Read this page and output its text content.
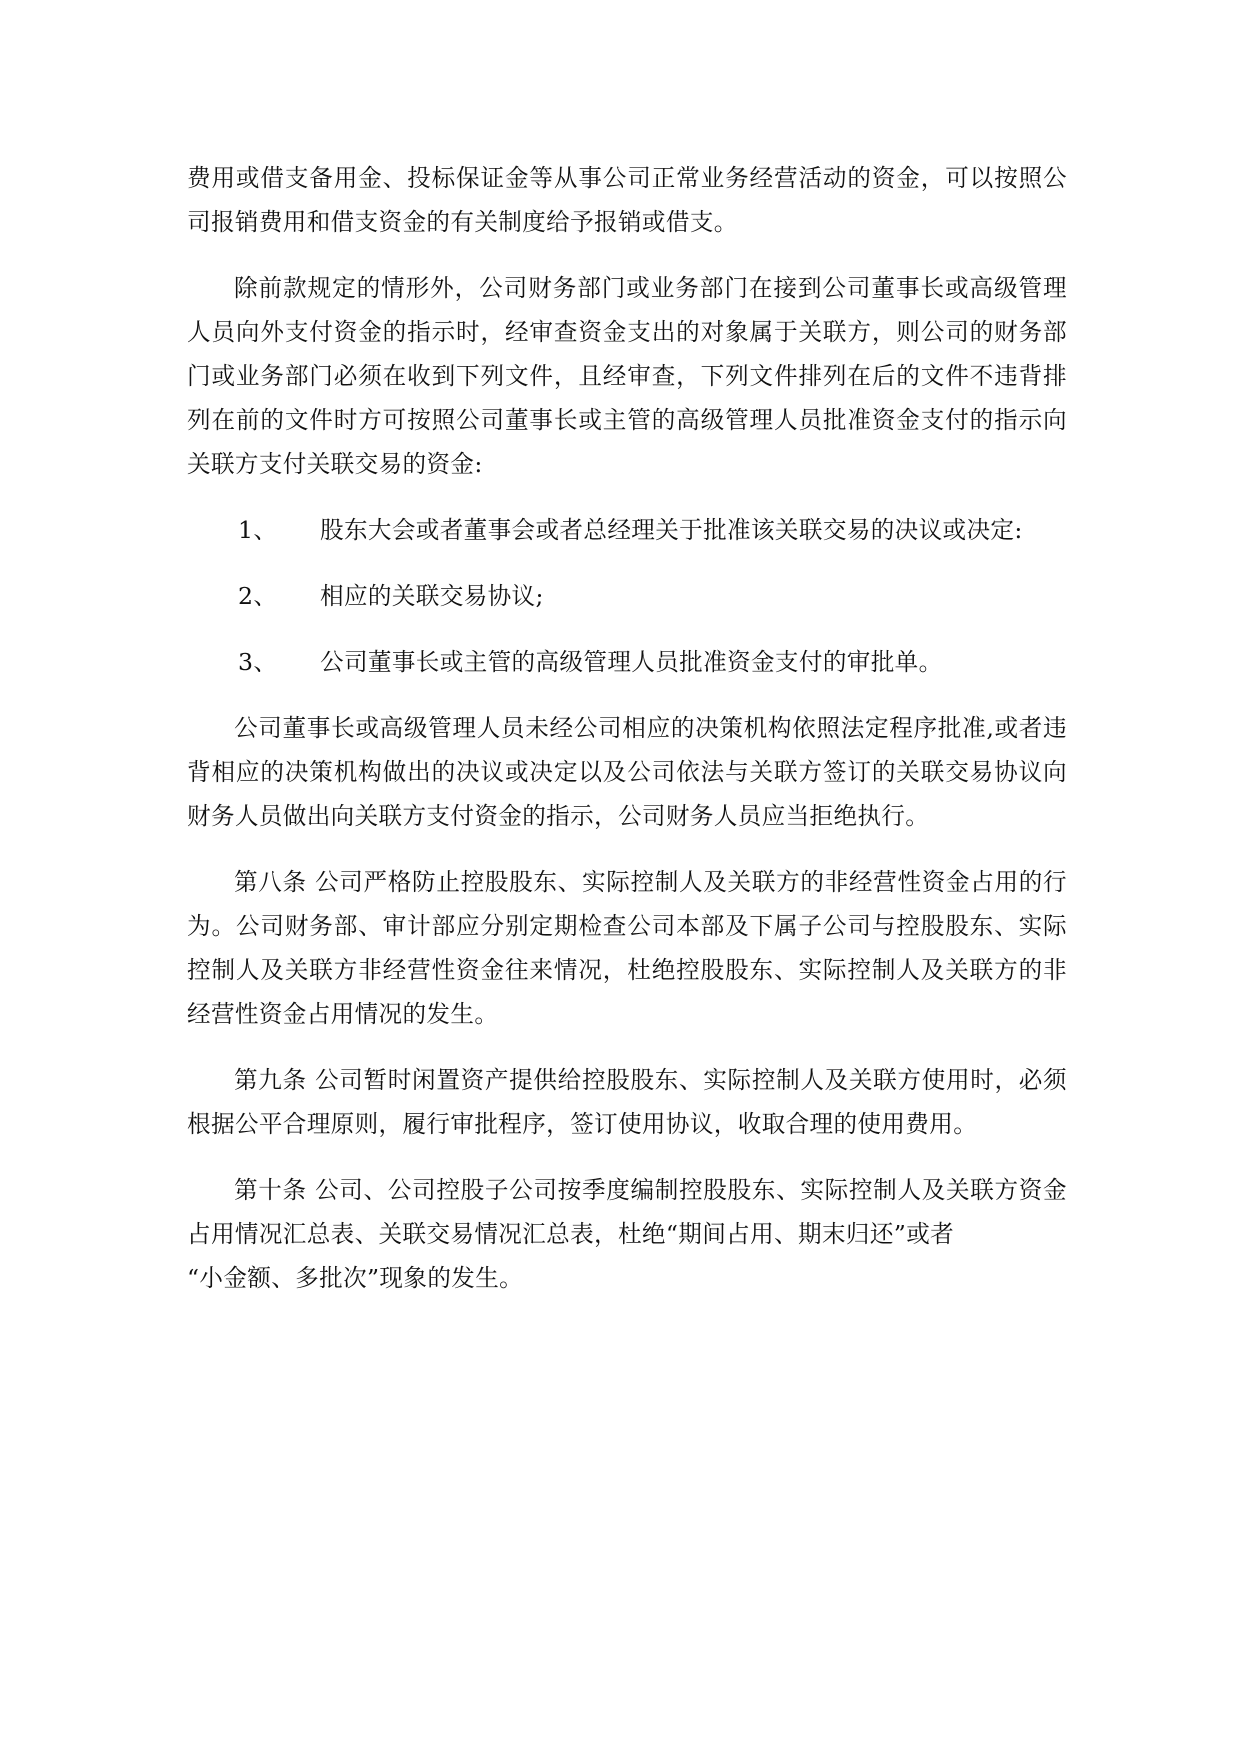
费用或借支备用金、投标保证金等从事公司正常业务经营活动的资金，可以按照公司报销费用和借支资金的有关制度给予报销或借支。

除前款规定的情形外，公司财务部门或业务部门在接到公司董事长或高级管理人员向外支付资金的指示时，经审查资金支出的对象属于关联方，则公司的财务部门或业务部门必须在收到下列文件，且经审查，下列文件排列在后的文件不违背排列在前的文件时方可按照公司董事长或主管的高级管理人员批准资金支付的指示向关联方支付关联交易的资金:

1、 股东大会或者董事会或者总经理关于批准该关联交易的决议或决定:
2、 相应的关联交易协议;
3、 公司董事长或主管的高级管理人员批准资金支付的审批单。

公司董事长或高级管理人员未经公司相应的决策机构依照法定程序批准,或者违背相应的决策机构做出的决议或决定以及公司依法与关联方签订的关联交易协议向财务人员做出向关联方支付资金的指示，公司财务人员应当拒绝执行。

第八条 公司严格防止控股股东、实际控制人及关联方的非经营性资金占用的行为。公司财务部、审计部应分别定期检查公司本部及下属子公司与控股股东、实际控制人及关联方非经营性资金往来情况，杜绝控股股东、实际控制人及关联方的非经营性资金占用情况的发生。

第九条 公司暂时闲置资产提供给控股股东、实际控制人及关联方使用时，必须根据公平合理原则，履行审批程序，签订使用协议，收取合理的使用费用。

第十条 公司、公司控股子公司按季度编制控股股东、实际控制人及关联方资金占用情况汇总表、关联交易情况汇总表，杜绝“期间占用、期末归还”或者
“小金额、多批次”现象的发生。
